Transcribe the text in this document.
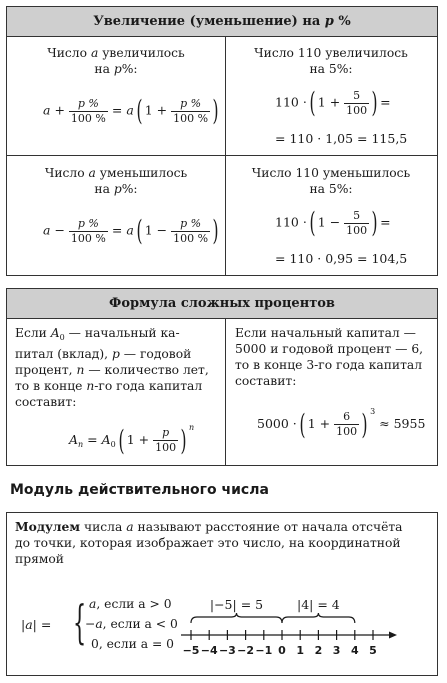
Увеличение (уменьшение) на p %
Число a увеличилось
на p%:
$a + \frac{p \%}{100 \%} = a$( $1 + \frac{p \%}{100 \%}$ )
Число 110 увеличилось
на 5%:
110 ·( $1 + \frac{5}{100}$ ) =
= 110 · 1,05 = 115,5
Число a уменьшилось
на p%:
$a - \frac{p \%}{100 \%} = a$( $1 - \frac{p \%}{100 \%}$ )
Число 110 уменьшилось
на 5%:
110 ·( $1 - \frac{5}{100}$ ) =
= 110 · 0,95 = 104,5
Формула сложных процентов
Если $A_0$ — начальный ка-
питал (вклад), p — годовой
процент, n — количество лет,
то в конце n-го года капитал
составит:
$A_n = A_0$( $1 + \frac{p}{100}$ ) $^n$
Если начальный капитал —
5000 и годовой процент — 6,
то в конце 3-го года капитал
составит:
5000 ·( $1 + \frac{6}{100}$ ) $^3$ ≈ 5955
Модуль действительного числа
Модулем числа a называют расстояние от начала отсчёта
до точки, которая изображает это число, на координатной
прямой
|a| = { a, если a > 0
−a, если a < 0
0, если a = 0
|−5| = 5	|4| = 4
−5 −4 −3 −2 −1 0 1 2 3 4 5
